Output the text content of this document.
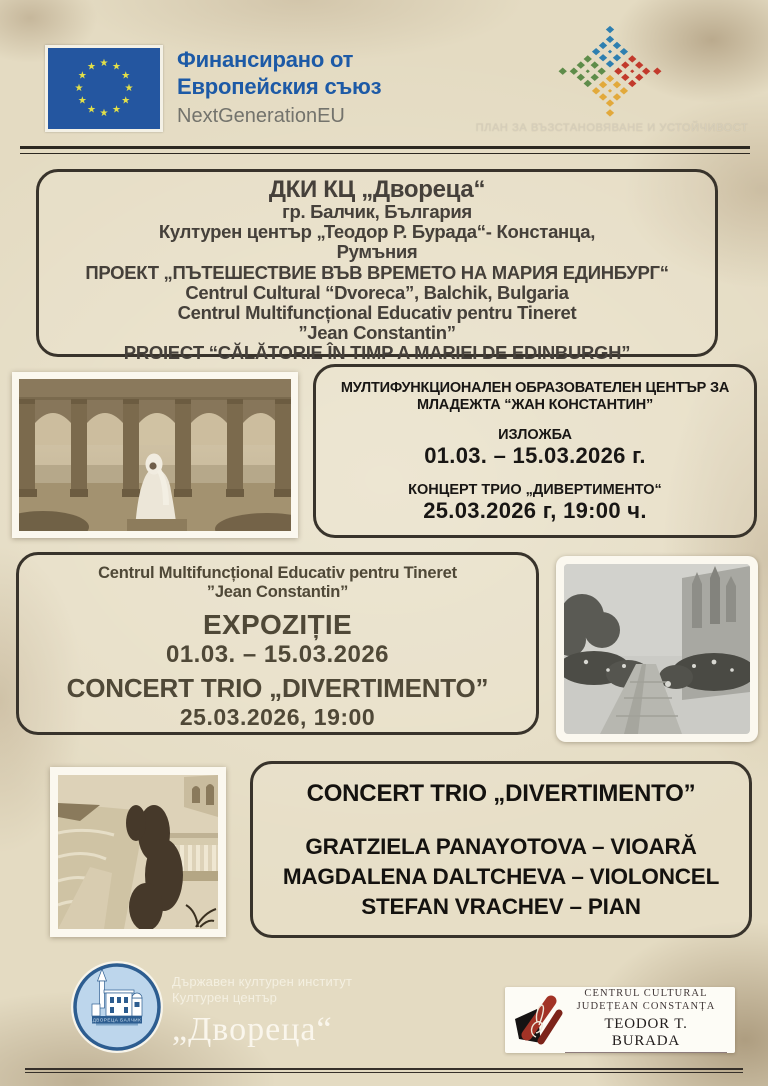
★ ★
★
★
★
★
★
★
★
★
★
★	Финансирано от
Европейския съюз
NextGenerationEU
ПЛАН ЗА ВЪЗСТАНОВЯВАНЕ И УСТОЙЧИВОСТ
ДКИ КЦ „Двореца“
гр. Балчик, България
Културен център „Теодор Р. Бурада“- Констанца,
Румъния
ПРОЕКТ „ПЪТЕШЕСТВИЕ ВЪВ ВРЕМЕТО НА МАРИЯ ЕДИНБУРГ“
Centrul Cultural “Dvoreca”, Balchik, Bulgaria
Centrul Multifuncțional Educativ pentru Tineret
”Jean Constantin”
PROIECT “CĂLĂTORIE ÎN TIMP A MARIEI DE EDINBURGH”
МУЛТИФУНКЦИОНАЛЕН ОБРАЗОВАТЕЛЕН ЦЕНТЪР ЗА
МЛАДЕЖТА “ЖАН КОНСТАНТИН”
ИЗЛОЖБА
01.03. – 15.03.2026 г.
КОНЦЕРТ ТРИО „ДИВЕРТИМЕНТО“
25.03.2026 г, 19:00 ч.
Centrul Multifuncțional Educativ pentru Tineret
”Jean Constantin”
EXPOZIȚIE
01.03. – 15.03.2026
CONCERT TRIO „DIVERTIMENTO”
25.03.2026, 19:00
CONCERT TRIO „DIVERTIMENTO”
GRATZIELA PANAYOTOVA – VIOARĂ
MAGDALENA DALTCHEVA – VIOLONCEL
STEFAN VRACHEV – PIAN
ДВОРЕЦА БАЛЧИК
Държавен културен институт
Културен център
„Двореца“
CENTRUL CULTURAL
JUDEȚEAN CONSTANȚA
TEODOR T. BURADA
